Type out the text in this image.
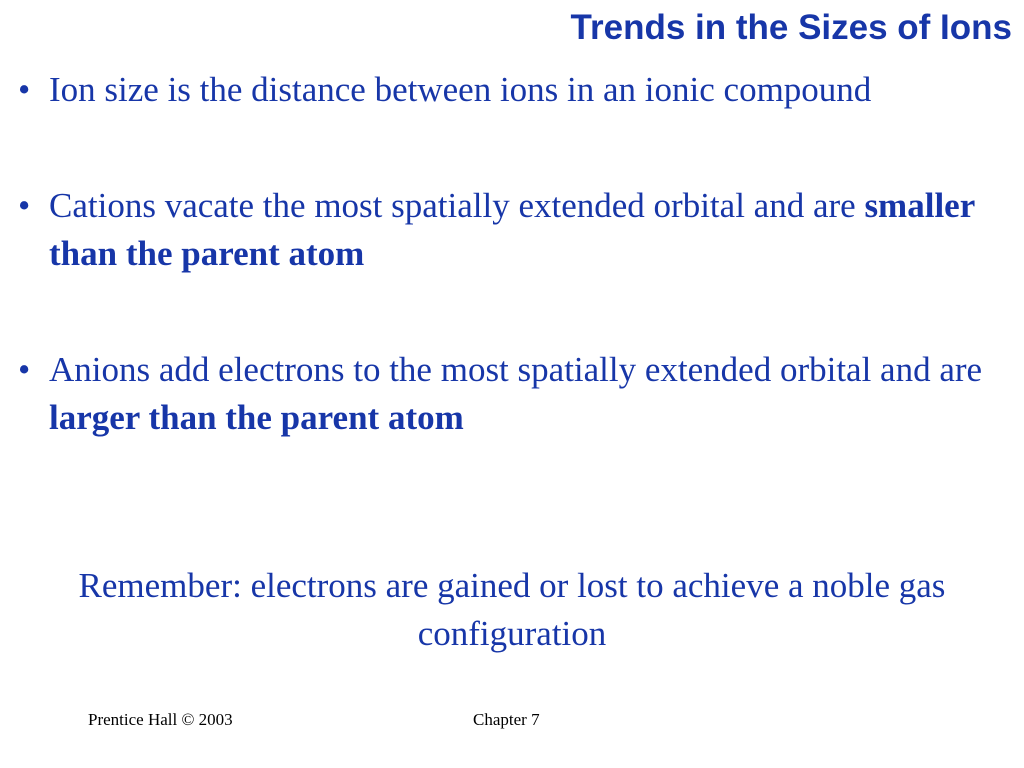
Trends in the Sizes of Ions
• Ion size is the distance between ions in an ionic compound
• Cations vacate the most spatially extended orbital and are smaller than the parent atom
• Anions add electrons to the most spatially extended orbital and are larger than the parent atom

Remember: electrons are gained or lost to achieve a noble gas configuration

Prentice Hall © 2003	Chapter 7
